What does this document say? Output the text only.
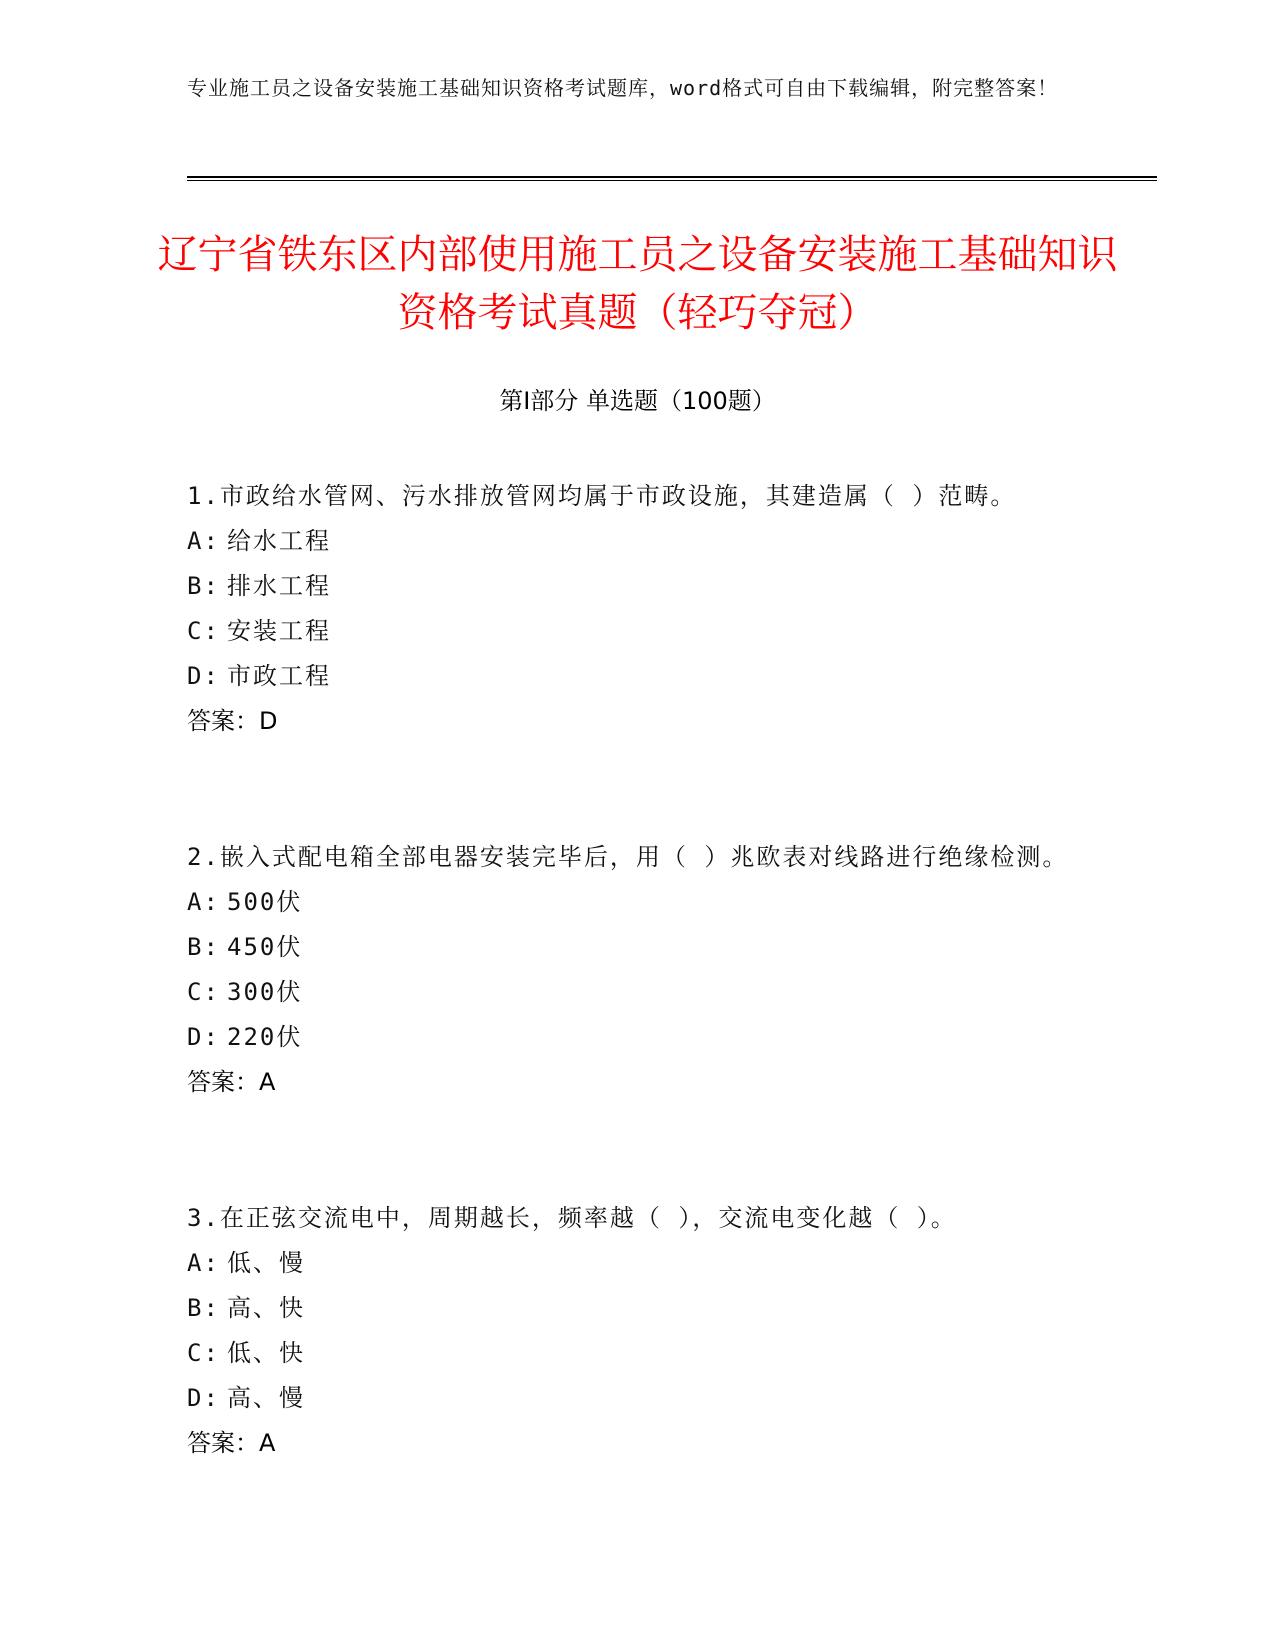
专业施工员之设备安装施工基础知识资格考试题库，word格式可自由下载编辑，附完整答案！
辽宁省铁东区内部使用施工员之设备安装施工基础知识资格考试真题（轻巧夺冠）
第Ⅰ部分 单选题（100题）
1.市政给水管网、污水排放管网均属于市政设施，其建造属（ ）范畴。
A: 给水工程
B: 排水工程
C: 安装工程
D: 市政工程
答案：D
2.嵌入式配电箱全部电器安装完毕后，用（ ）兆欧表对线路进行绝缘检测。
A: 500伏
B: 450伏
C: 300伏
D: 220伏
答案：A
3.在正弦交流电中，周期越长，频率越（ ），交流电变化越（ ）。
A: 低、慢
B: 高、快
C: 低、快
D: 高、慢
答案：A
